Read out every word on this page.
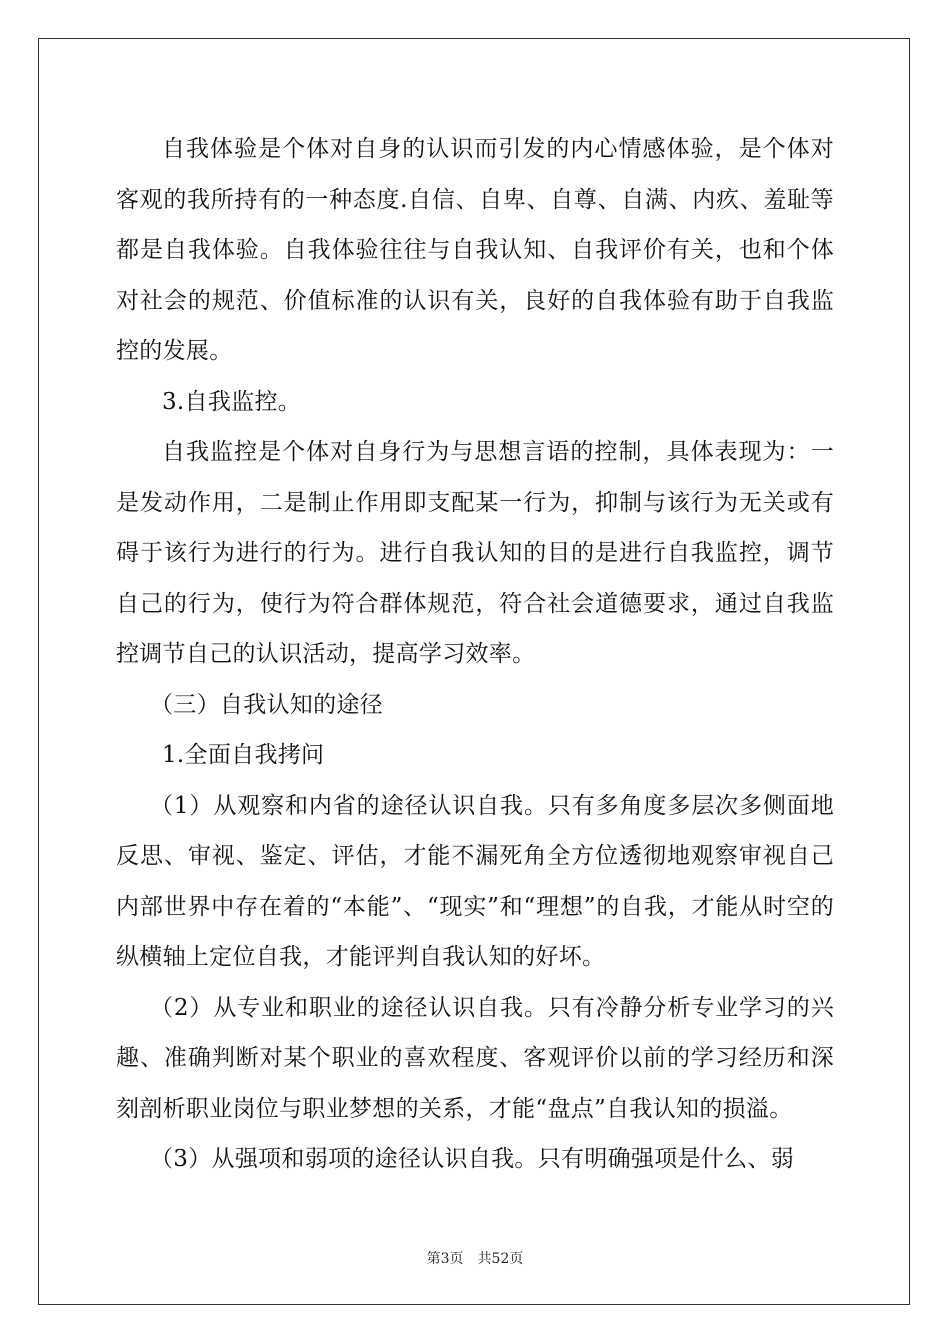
自我体验是个体对自身的认识而引发的内心情感体验，是个体对客观的我所持有的一种态度.自信、自卑、自尊、自满、内疚、羞耻等都是自我体验。自我体验往往与自我认知、自我评价有关，也和个体对社会的规范、价值标准的认识有关，良好的自我体验有助于自我监控的发展。

3.自我监控。

自我监控是个体对自身行为与思想言语的控制，具体表现为：一是发动作用，二是制止作用即支配某一行为，抑制与该行为无关或有碍于该行为进行的行为。进行自我认知的目的是进行自我监控，调节自己的行为，使行为符合群体规范，符合社会道德要求，通过自我监控调节自己的认识活动，提高学习效率。

（三）自我认知的途径

1.全面自我拷问

（1）从观察和内省的途径认识自我。只有多角度多层次多侧面地反思、审视、鉴定、评估，才能不漏死角全方位透彻地观察审视自己内部世界中存在着的“本能”、“现实”和“理想”的自我，才能从时空的纵横轴上定位自我，才能评判自我认知的好坏。

（2）从专业和职业的途径认识自我。只有冷静分析专业学习的兴趣、准确判断对某个职业的喜欢程度、客观评价以前的学习经历和深刻剖析职业岗位与职业梦想的关系，才能“盘点”自我认知的损溢。

（3）从强项和弱项的途径认识自我。只有明确强项是什么、弱

第3页 共52页
